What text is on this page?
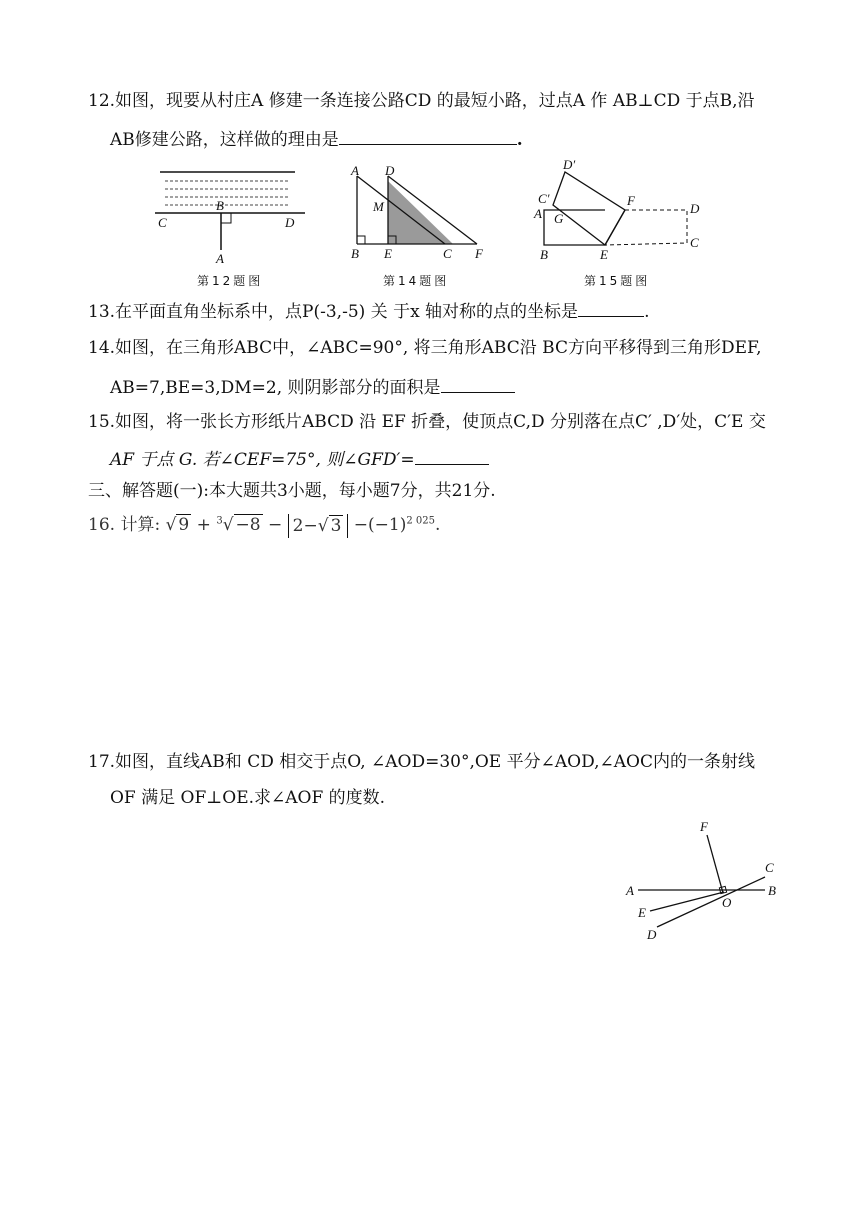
12.如图，现要从村庄A 修建一条连接公路CD 的最短小路，过点A 作 AB⊥CD 于点B,沿
AB修建公路，这样做的理由是	.
C
B
D
A
第12题图
A D
M
B E	C F
第14题图
D′
C′
A G
F
D
B	E
C
第15题图
13.在平面直角坐标系中，点P(-3,-5) 关 于x 轴对称的点的坐标是	.
14.如图，在三角形ABC中，∠ABC=90°, 将三角形ABC沿 BC方向平移得到三角形DEF,
AB=7,BE=3,DM=2, 则阴影部分的面积是
15.如图，将一张长方形纸片ABCD 沿 EF 折叠，使顶点C,D 分别落在点C′ ,D′处，C′E 交
AF 于点 G. 若∠CEF=75°, 则∠GFD′=
三、解答题(一):本大题共3小题，每小题7分，共21分.
16. 计算: √ 9 + $^3$√ −8 − 2−√ $3 -(-1)^{2 025}$.
17.如图，直线AB和 CD 相交于点O, ∠AOD=30°,OE 平分∠AOD,∠AOC内的一条射线
OF 满足 OF⊥OE.求∠AOF 的度数.
F
C
A
O
B
E
D
